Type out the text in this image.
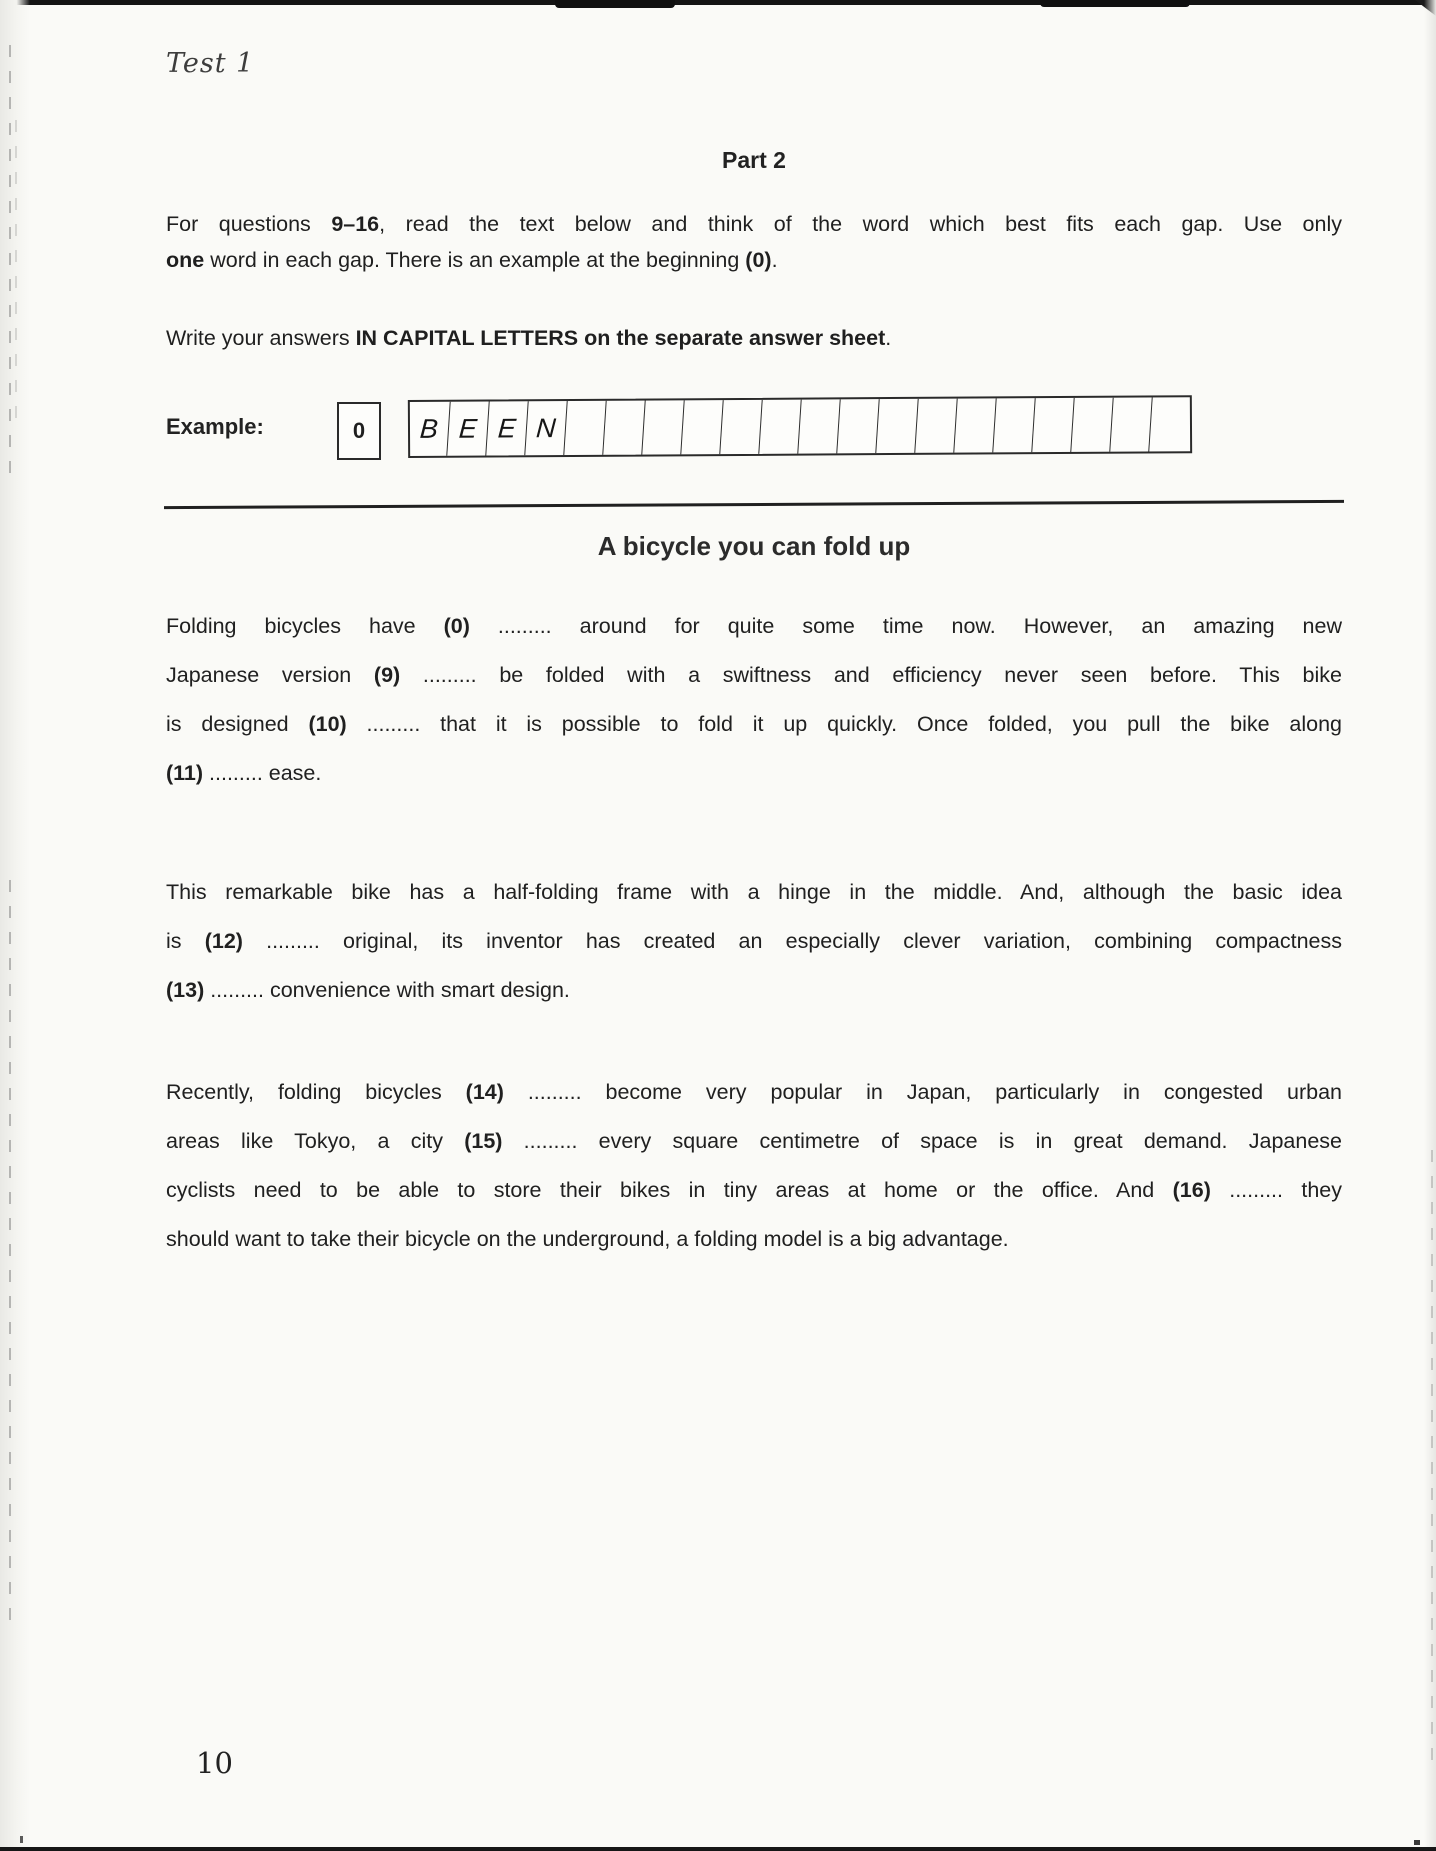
Test 1
Part 2
For questions 9–16, read the text below and think of the word which best fits each gap. Use only
one word in each gap. There is an example at the beginning (0).
Write your answers IN CAPITAL LETTERS on the separate answer sheet.
Example:	0	B E E N
A bicycle you can fold up
Folding bicycles have (0) ......... around for quite some time now. However, an amazing new
Japanese version (9) ......... be folded with a swiftness and efficiency never seen before. This bike
is designed (10) ......... that it is possible to fold it up quickly. Once folded, you pull the bike along
(11) ......... ease.
This remarkable bike has a half-folding frame with a hinge in the middle. And, although the basic idea
is (12) ......... original, its inventor has created an especially clever variation, combining compactness
(13) ......... convenience with smart design.
Recently, folding bicycles (14) ......... become very popular in Japan, particularly in congested urban
areas like Tokyo, a city (15) ......... every square centimetre of space is in great demand. Japanese
cyclists need to be able to store their bikes in tiny areas at home or the office. And (16) ......... they
should want to take their bicycle on the underground, a folding model is a big advantage.
10
